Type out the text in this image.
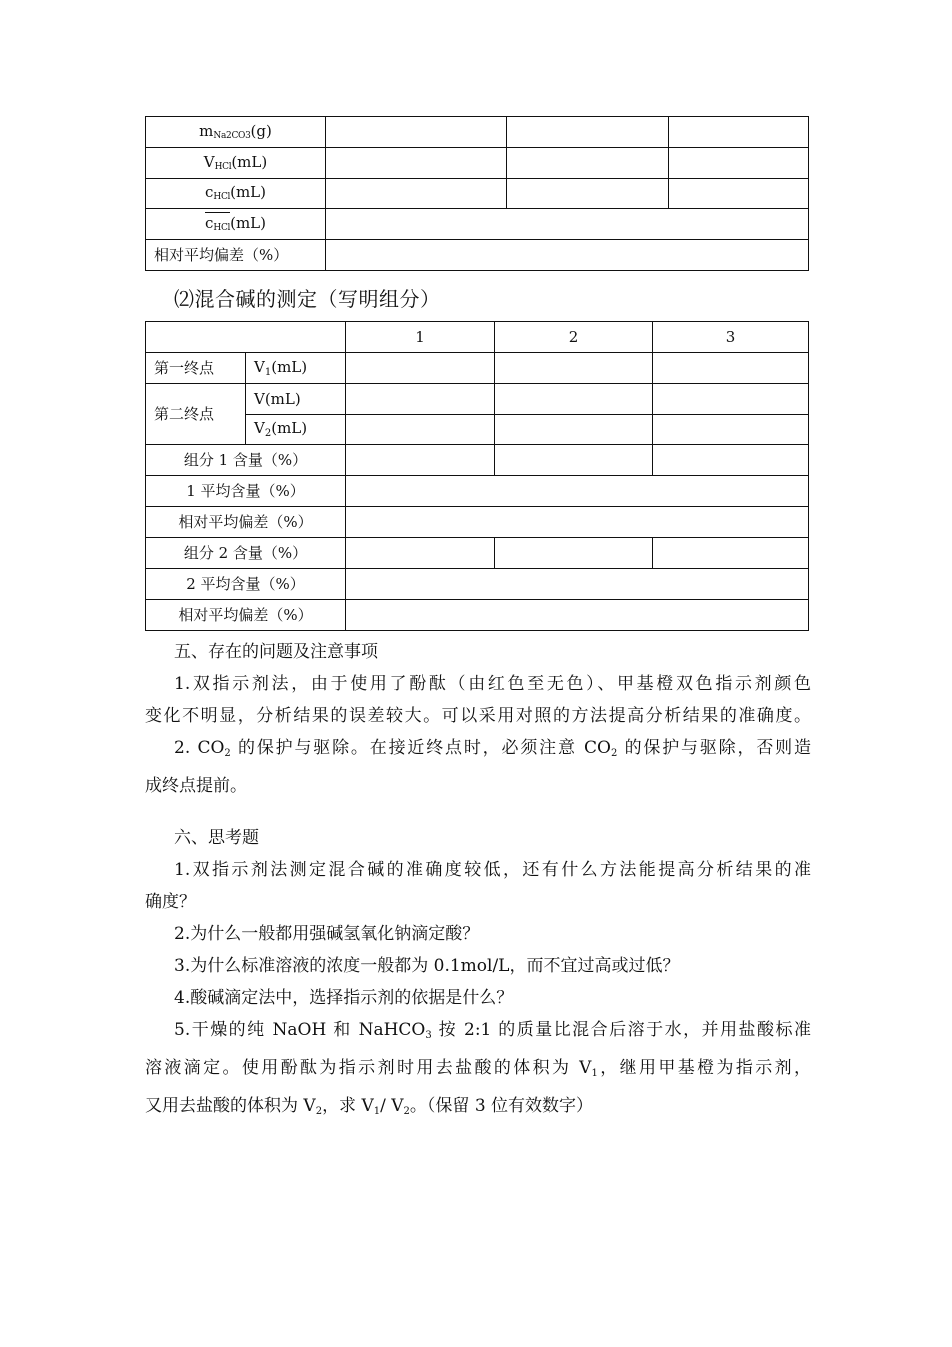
$m_{Na2CO3}(g)$			
$V_{HCl}(mL)$			
$c_{HCl}(mL)$			
$c_{HCl}(mL)$			
相对平均偏差（%）			

⑵混合碱的测定（写明组分）

		1	2	3
第一终点	$V_1(mL)$			
第二终点	V(mL)			
	$V_2(mL)$			
组分 1 含量（%）				
1 平均含量（%）				
相对平均偏差（%）				
组分 2 含量（%）				
2 平均含量（%）				
相对平均偏差（%）				
五、存在的问题及注意事项
1.双指示剂法，由于使用了酚酞（由红色至无色）、甲基橙双色指示剂颜色
变化不明显，分析结果的误差较大。可以采用对照的方法提高分析结果的准确度。
2. $CO_2$ 的保护与驱除。在接近终点时，必须注意 $CO_2$ 的保护与驱除，否则造
成终点提前。
六、思考题
1.双指示剂法测定混合碱的准确度较低，还有什么方法能提高分析结果的准
确度？
2.为什么一般都用强碱氢氧化钠滴定酸？
3.为什么标准溶液的浓度一般都为 0.1mol/L，而不宜过高或过低？
4.酸碱滴定法中，选择指示剂的依据是什么？
5.干燥的纯 NaOH 和 NaHCO$_3$ 按 2:1 的质量比混合后溶于水，并用盐酸标准
溶液滴定。使用酚酞为指示剂时用去盐酸的体积为 $V_1$，继用甲基橙为指示剂，
又用去盐酸的体积为 $V_2$，求 $V_1/$ $V_2$。（保留 3 位有效数字）
